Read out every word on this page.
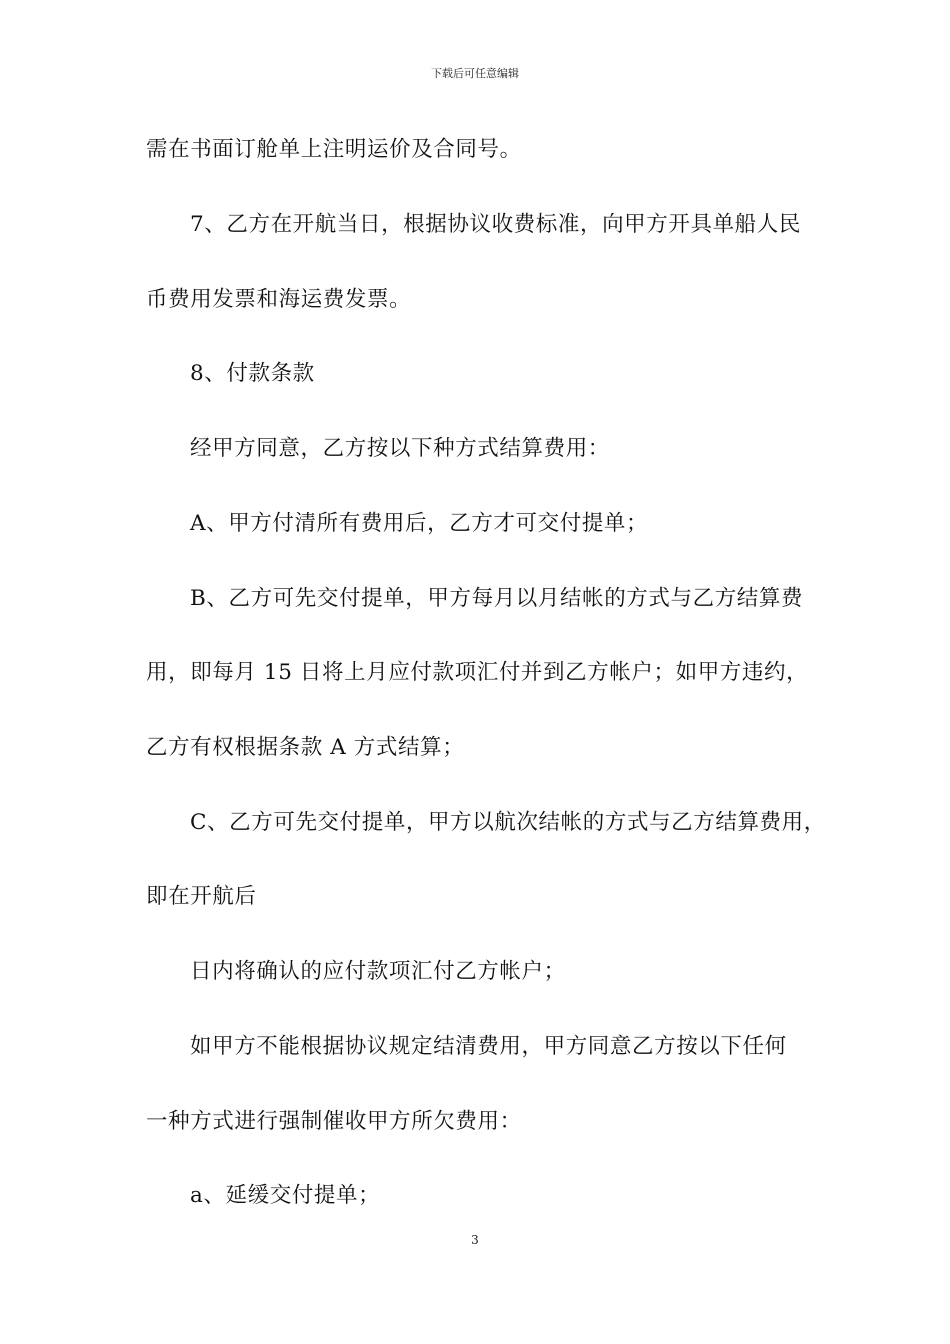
下载后可任意编辑
需在书面订舱单上注明运价及合同号。
7、乙方在开航当日，根据协议收费标准，向甲方开具单船人民
币费用发票和海运费发票。
8、付款条款
经甲方同意，乙方按以下种方式结算费用：
A、甲方付清所有费用后，乙方才可交付提单；
B、乙方可先交付提单，甲方每月以月结帐的方式与乙方结算费
用，即每月 15 日将上月应付款项汇付并到乙方帐户；如甲方违约，
乙方有权根据条款 A 方式结算；
C、乙方可先交付提单，甲方以航次结帐的方式与乙方结算费用，
即在开航后
日内将确认的应付款项汇付乙方帐户；
如甲方不能根据协议规定结清费用，甲方同意乙方按以下任何
一种方式进行强制催收甲方所欠费用：
a、延缓交付提单；
3
